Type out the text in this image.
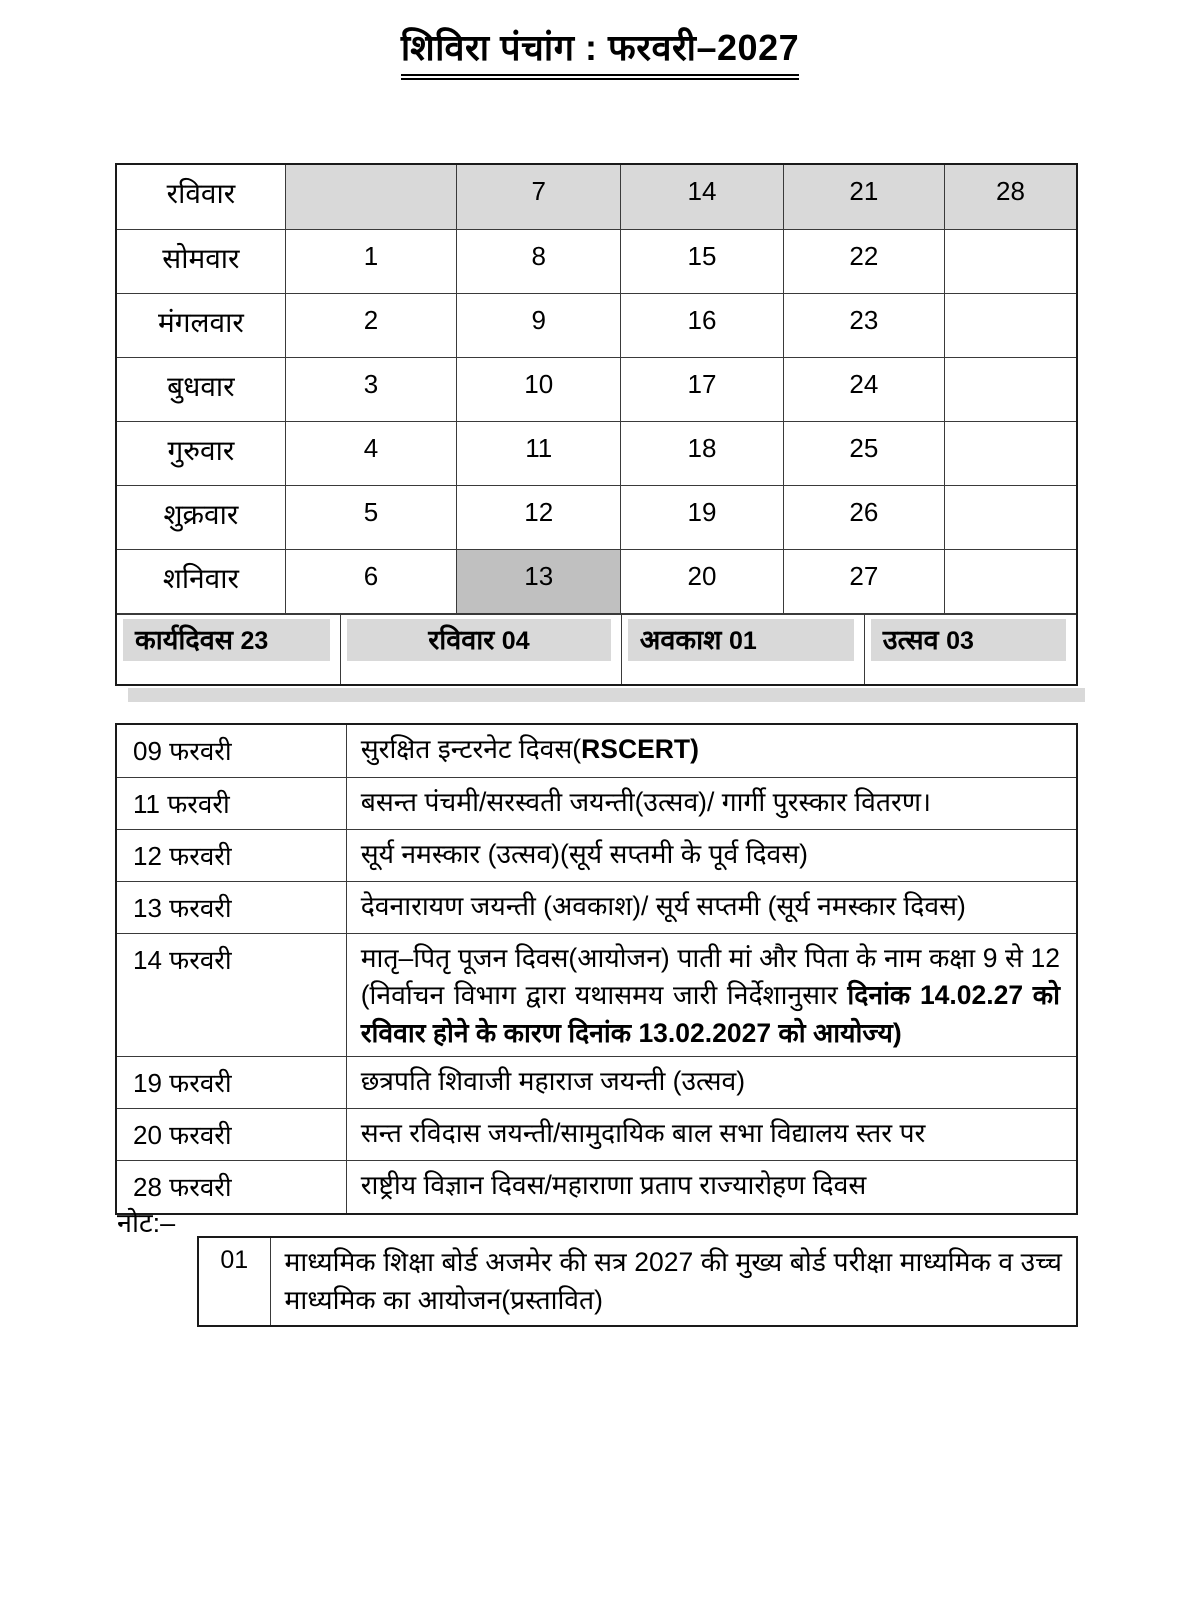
शिविरा पंचांग : फरवरी–2027
रविवार		7	14	21	28
सोमवार	1	8	15	22	
मंगलवार	2	9	16	23	
बुधवार	3	10	17	24	
गुरुवार	4	11	18	25	
शुक्रवार	5	12	19	26	
शनिवार	6	13	20	27	
कार्यदिवस 23	रविवार 04	अवकाश 01	उत्सव 03
09 फरवरी	सुरक्षित इन्टरनेट दिवस(RSCERT)
11 फरवरी	बसन्त पंचमी/सरस्वती जयन्ती(उत्सव)/ गार्गी पुरस्कार वितरण।
12 फरवरी	सूर्य नमस्कार (उत्सव)(सूर्य सप्तमी के पूर्व दिवस)
13 फरवरी	देवनारायण जयन्ती (अवकाश)/ सूर्य सप्तमी (सूर्य नमस्कार दिवस)
14 फरवरी	मातृ–पितृ पूजन दिवस(आयोजन) पाती मां और पिता के नाम कक्षा 9 से 12 (निर्वाचन विभाग द्वारा यथासमय जारी निर्देशानुसार दिनांक 14.02.27 को रविवार होने के कारण दिनांक 13.02.2027 को आयोज्य)
19 फरवरी	छत्रपति शिवाजी महाराज जयन्ती (उत्सव)
20 फरवरी	सन्त रविदास जयन्ती/सामुदायिक बाल सभा विद्यालय स्तर पर
28 फरवरी	राष्ट्रीय विज्ञान दिवस/महाराणा प्रताप राज्यारोहण दिवस
नोट:–
01	माध्यमिक शिक्षा बोर्ड अजमेर की सत्र 2027 की मुख्य बोर्ड परीक्षा माध्यमिक व उच्च माध्यमिक का आयोजन(प्रस्तावित)
